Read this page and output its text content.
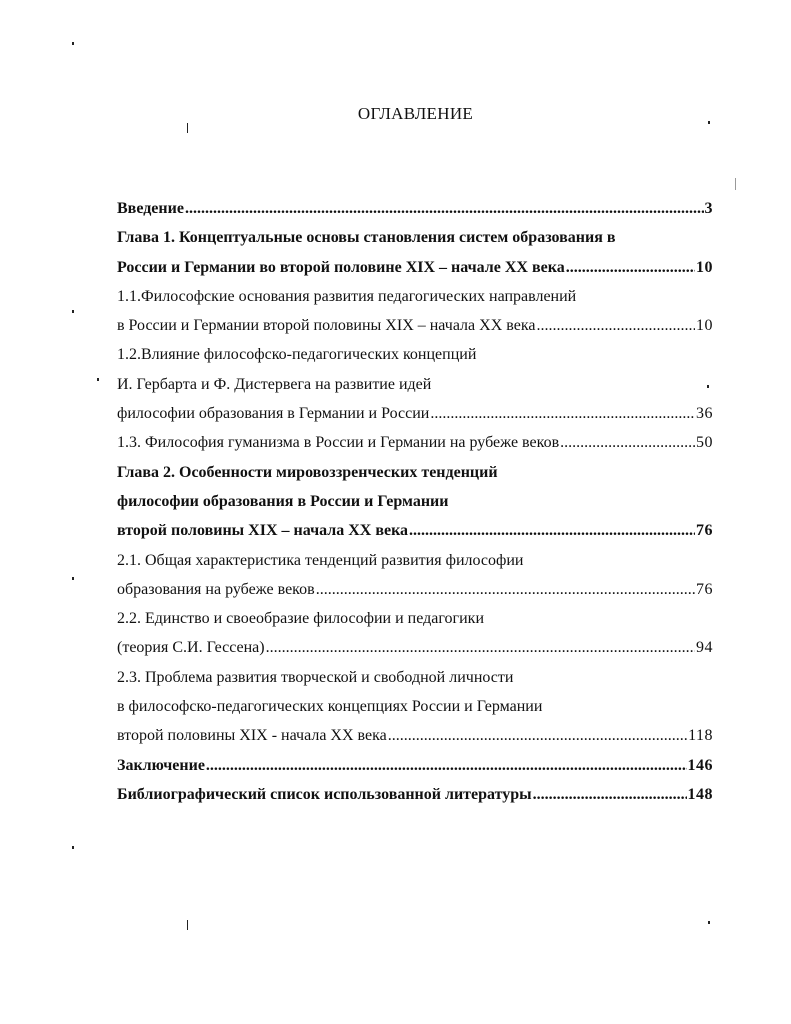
ОГЛАВЛЕНИЕ
Введение .....	3
Глава 1. Концептуальные основы становления систем образования в
России и Германии во второй половине XIX – начале XX века .....	10
1.1.Философские основания развития педагогических направлений
в России и Германии второй половины XIX – начала XX века .....	10
1.2.Влияние философско-педагогических концепций
И. Гербарта и Ф. Дистервега на развитие идей
философии образования в Германии и России .....	36
1.3. Философия гуманизма в России и Германии на рубеже веков .....	50
Глава 2. Особенности мировоззренческих тенденций
философии образования в России и Германии
второй половины XIX – начала XX века .....	76
2.1. Общая характеристика тенденций развития философии
образования на рубеже веков .....	76
2.2. Единство и своеобразие философии и педагогики
(теория С.И. Гессена) .....	94
2.3. Проблема развития творческой и свободной личности
в философско-педагогических концепциях России и Германии
второй половины XIX - начала XX века .....	118
Заключение .....	146
Библиографический список использованной литературы .....	148
